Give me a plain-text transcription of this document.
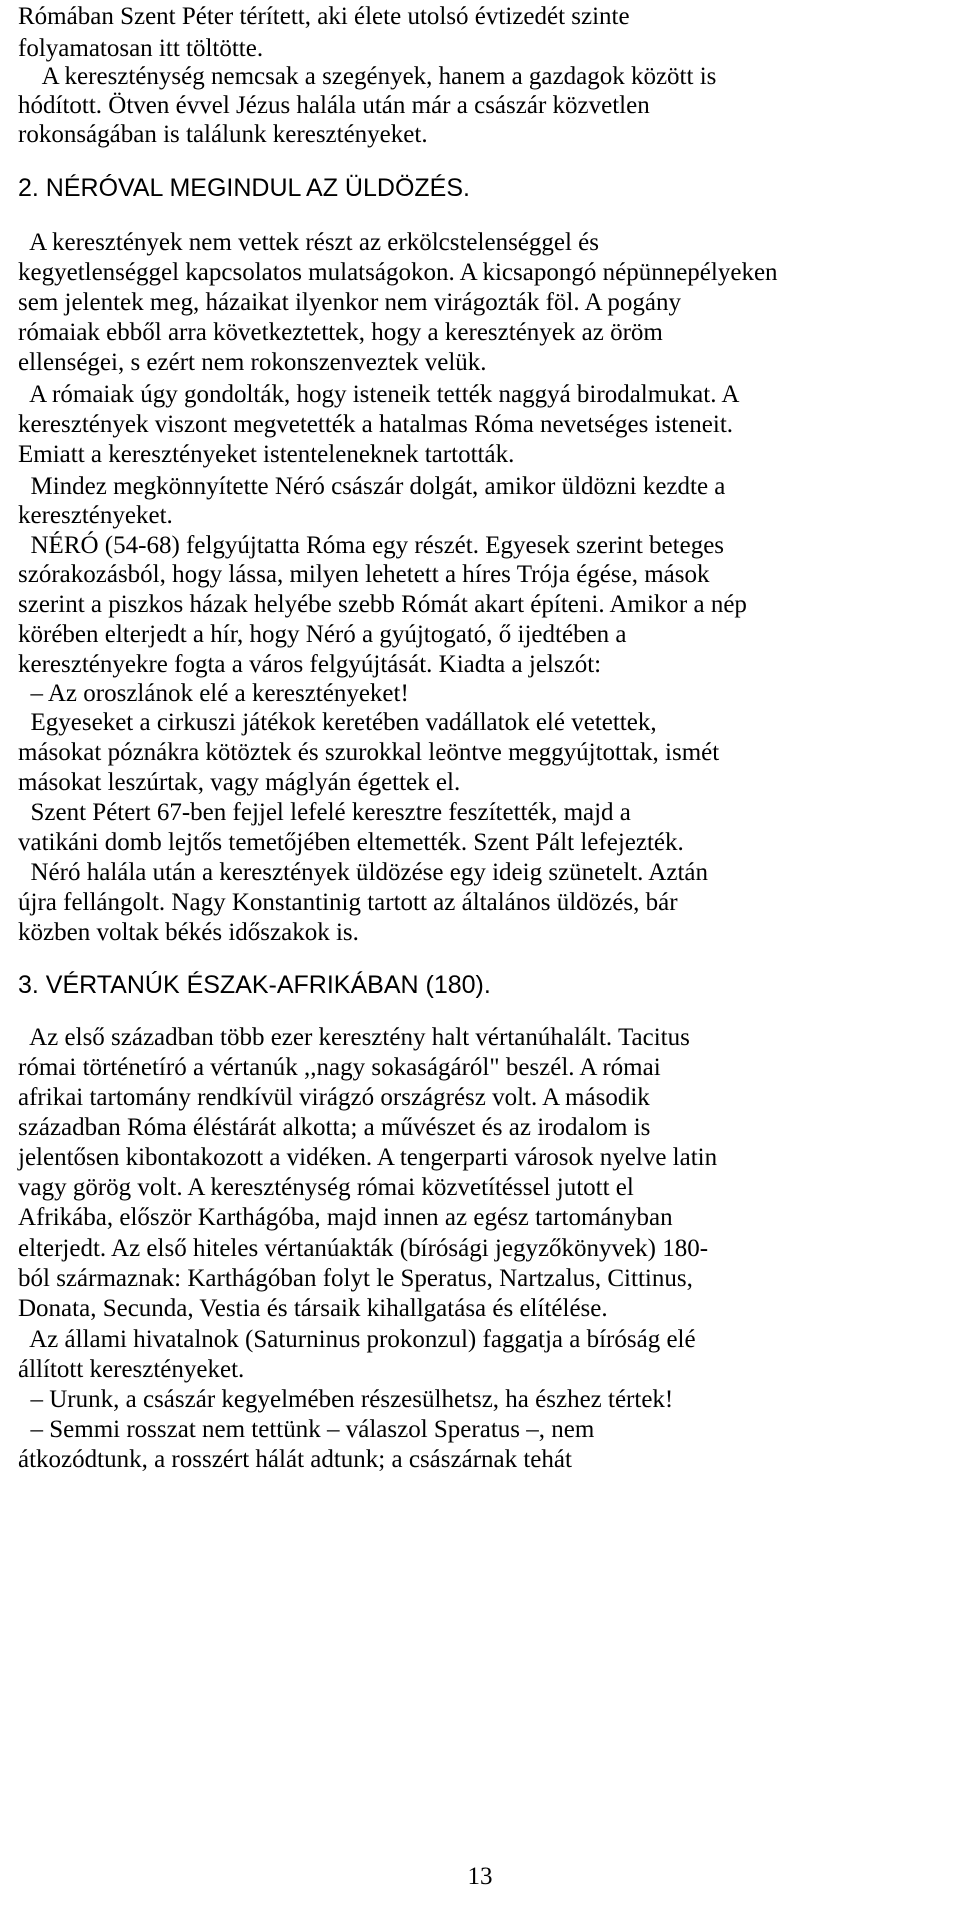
Rómában Szent Péter térített, aki élete utolsó évtizedét szinte
folyamatosan itt töltötte.
A kereszténység nemcsak a szegények, hanem a gazdagok között is
hódított. Ötven évvel Jézus halála után már a császár közvetlen
rokonságában is találunk keresztényeket.
2. NÉRÓVAL MEGINDUL AZ ÜLDÖZÉS.
A keresztények nem vettek részt az erkölcstelenséggel és
kegyetlenséggel kapcsolatos mulatságokon. A kicsapongó népünnepélyeken
sem jelentek meg, házaikat ilyenkor nem virágozták föl. A pogány
rómaiak ebből arra következtettek, hogy a keresztények az öröm
ellenségei, s ezért nem rokonszenveztek velük.
A rómaiak úgy gondolták, hogy isteneik tették naggyá birodalmukat. A
keresztények viszont megvetették a hatalmas Róma nevetséges isteneit.
Emiatt a keresztényeket istenteleneknek tartották.
Mindez megkönnyítette Néró császár dolgát, amikor üldözni kezdte a
keresztényeket.
NÉRÓ (54-68) felgyújtatta Róma egy részét. Egyesek szerint beteges
szórakozásból, hogy lássa, milyen lehetett a híres Trója égése, mások
szerint a piszkos házak helyébe szebb Rómát akart építeni. Amikor a nép
körében elterjedt a hír, hogy Néró a gyújtogató, ő ijedtében a
keresztényekre fogta a város felgyújtását. Kiadta a jelszót:
– Az oroszlánok elé a keresztényeket!
Egyeseket a cirkuszi játékok keretében vadállatok elé vetettek,
másokat póznákra kötöztek és szurokkal leöntve meggyújtottak, ismét
másokat leszúrtak, vagy máglyán égettek el.
Szent Pétert 67-ben fejjel lefelé keresztre feszítették, majd a
vatikáni domb lejtős temetőjében eltemették. Szent Pált lefejezték.
Néró halála után a keresztények üldözése egy ideig szünetelt. Aztán
újra fellángolt. Nagy Konstantinig tartott az általános üldözés, bár
közben voltak békés időszakok is.
3. VÉRTANÚK ÉSZAK-AFRIKÁBAN (180).
Az első században több ezer keresztény halt vértanúhalált. Tacitus
római történetíró a vértanúk ,,nagy sokaságáról" beszél. A római
afrikai tartomány rendkívül virágzó országrész volt. A második
században Róma éléstárát alkotta; a művészet és az irodalom is
jelentősen kibontakozott a vidéken. A tengerparti városok nyelve latin
vagy görög volt. A kereszténység római közvetítéssel jutott el
Afrikába, először Karthágóba, majd innen az egész tartományban
elterjedt. Az első hiteles vértanúakták (bírósági jegyzőkönyvek) 180-
ból származnak: Karthágóban folyt le Speratus, Nartzalus, Cittinus,
Donata, Secunda, Vestia és társaik kihallgatása és elítélése.
Az állami hivatalnok (Saturninus prokonzul) faggatja a bíróság elé
állított keresztényeket.
– Urunk, a császár kegyelmében részesülhetsz, ha észhez tértek!
– Semmi rosszat nem tettünk – válaszol Speratus –, nem
átkozódtunk, a rosszért hálát adtunk; a császárnak tehát
13
